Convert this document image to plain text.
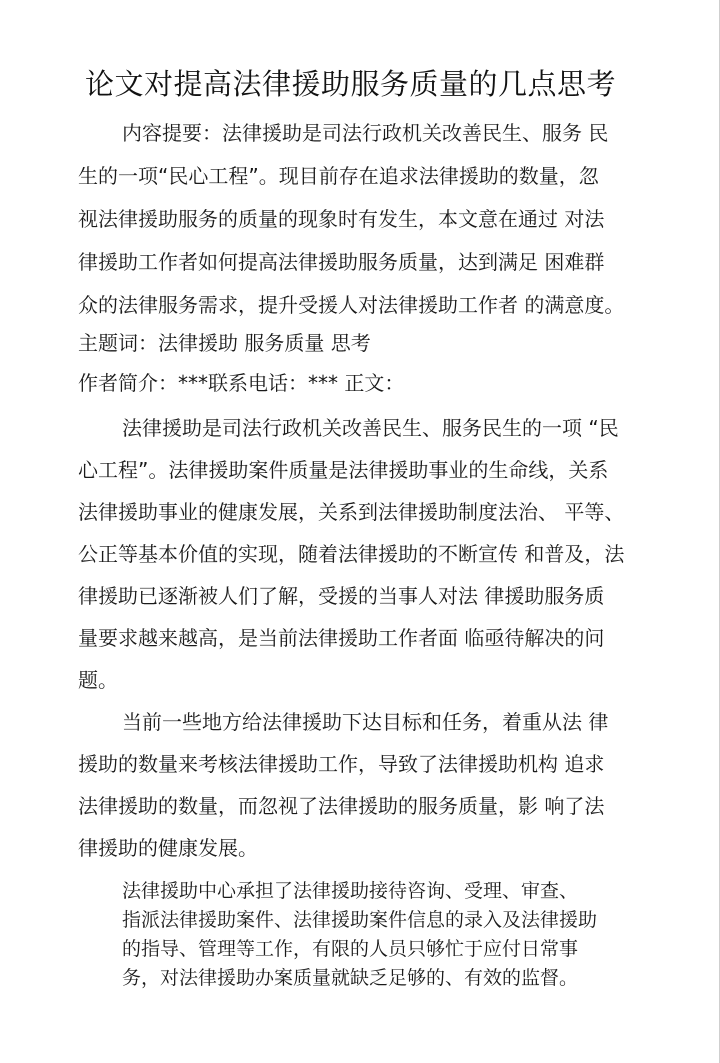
论文对提高法律援助服务质量的几点思考
内容提要：法律援助是司法行政机关改善民生、服务 民
生的一项“民心工程”。现目前存在追求法律援助的数量，忽
视法律援助服务的质量的现象时有发生，本文意在通过 对法
律援助工作者如何提高法律援助服务质量，达到满足 困难群
众的法律服务需求，提升受援人对法律援助工作者 的满意度。
主题词：法律援助 服务质量 思考
作者简介：***联系电话：*** 正文：
法律援助是司法行政机关改善民生、服务民生的一项 “民
心工程”。法律援助案件质量是法律援助事业的生命线，关系
法律援助事业的健康发展，关系到法律援助制度法治、 平等、
公正等基本价值的实现，随着法律援助的不断宣传 和普及，法
律援助已逐渐被人们了解，受援的当事人对法 律援助服务质
量要求越来越高，是当前法律援助工作者面 临亟待解决的问
题。
当前一些地方给法律援助下达目标和任务，着重从法 律
援助的数量来考核法律援助工作，导致了法律援助机构 追求
法律援助的数量，而忽视了法律援助的服务质量，影 响了法
律援助的健康发展。
法律援助中心承担了法律援助接待咨询、受理、审查、
指派法律援助案件、法律援助案件信息的录入及法律援助
的指导、管理等工作，有限的人员只够忙于应付日常事
务，对法律援助办案质量就缺乏足够的、有效的监督。
